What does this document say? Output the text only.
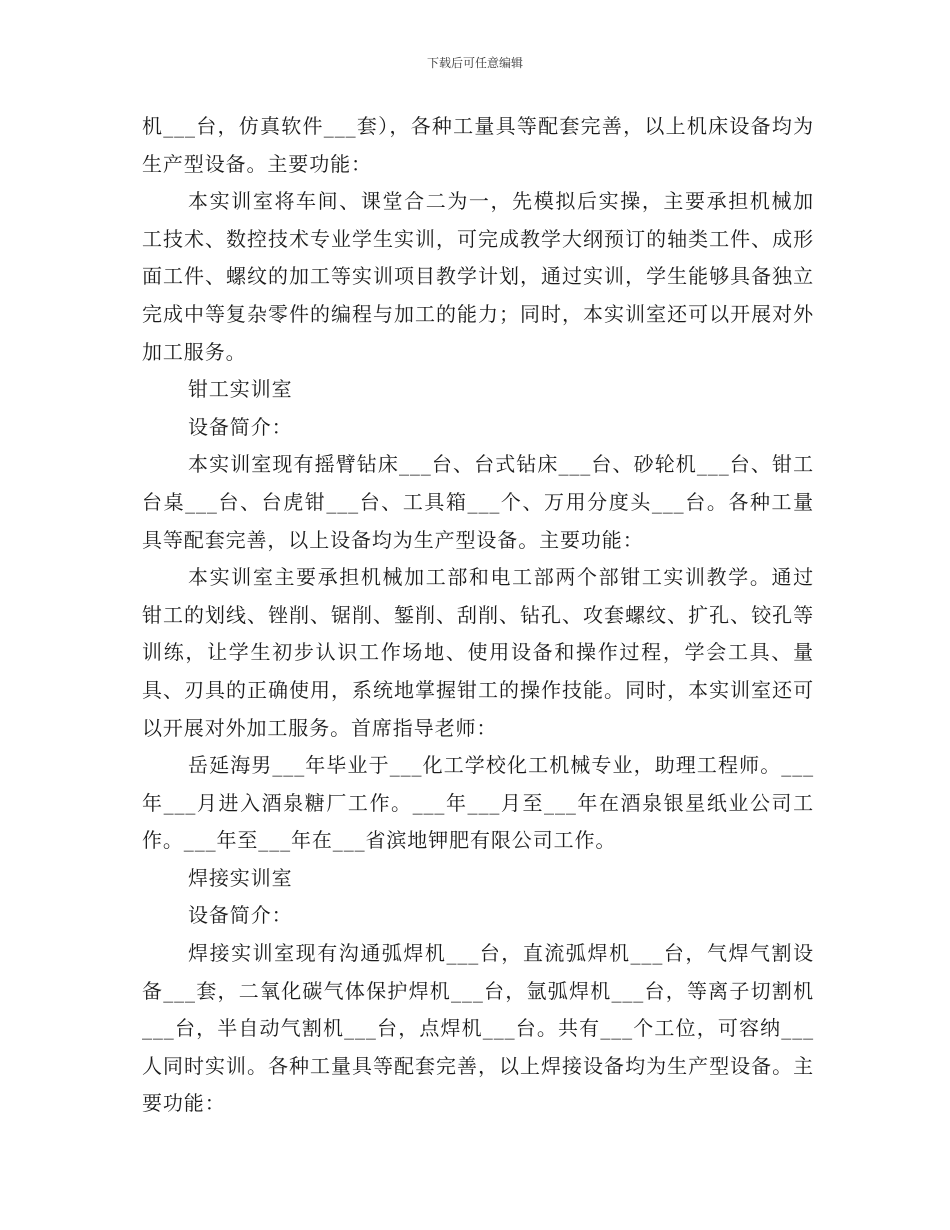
下载后可任意编辑

机___台，仿真软件___套），各种工量具等配套完善，以上机床设备均为生产型设备。主要功能：

本实训室将车间、课堂合二为一，先模拟后实操，主要承担机械加工技术、数控技术专业学生实训，可完成教学大纲预订的轴类工件、成形面工件、螺纹的加工等实训项目教学计划，通过实训，学生能够具备独立完成中等复杂零件的编程与加工的能力；同时，本实训室还可以开展对外加工服务。

钳工实训室

设备简介：

本实训室现有摇臂钻床___台、台式钻床___台、砂轮机___台、钳工台桌___台、台虎钳___台、工具箱___个、万用分度头___台。各种工量具等配套完善，以上设备均为生产型设备。主要功能：

本实训室主要承担机械加工部和电工部两个部钳工实训教学。通过钳工的划线、锉削、锯削、錾削、刮削、钻孔、攻套螺纹、扩孔、铰孔等训练，让学生初步认识工作场地、使用设备和操作过程，学会工具、量具、刃具的正确使用，系统地掌握钳工的操作技能。同时，本实训室还可以开展对外加工服务。首席指导老师：

岳延海男___年毕业于___化工学校化工机械专业，助理工程师。___年___月进入酒泉糖厂工作。___年___月至___年在酒泉银星纸业公司工作。___年至___年在___省滨地钾肥有限公司工作。

焊接实训室

设备简介：

焊接实训室现有沟通弧焊机___台，直流弧焊机___台，气焊气割设备___套，二氧化碳气体保护焊机___台，氩弧焊机___台，等离子切割机___台，半自动气割机___台，点焊机___台。共有___个工位，可容纳___人同时实训。各种工量具等配套完善，以上焊接设备均为生产型设备。主要功能：
